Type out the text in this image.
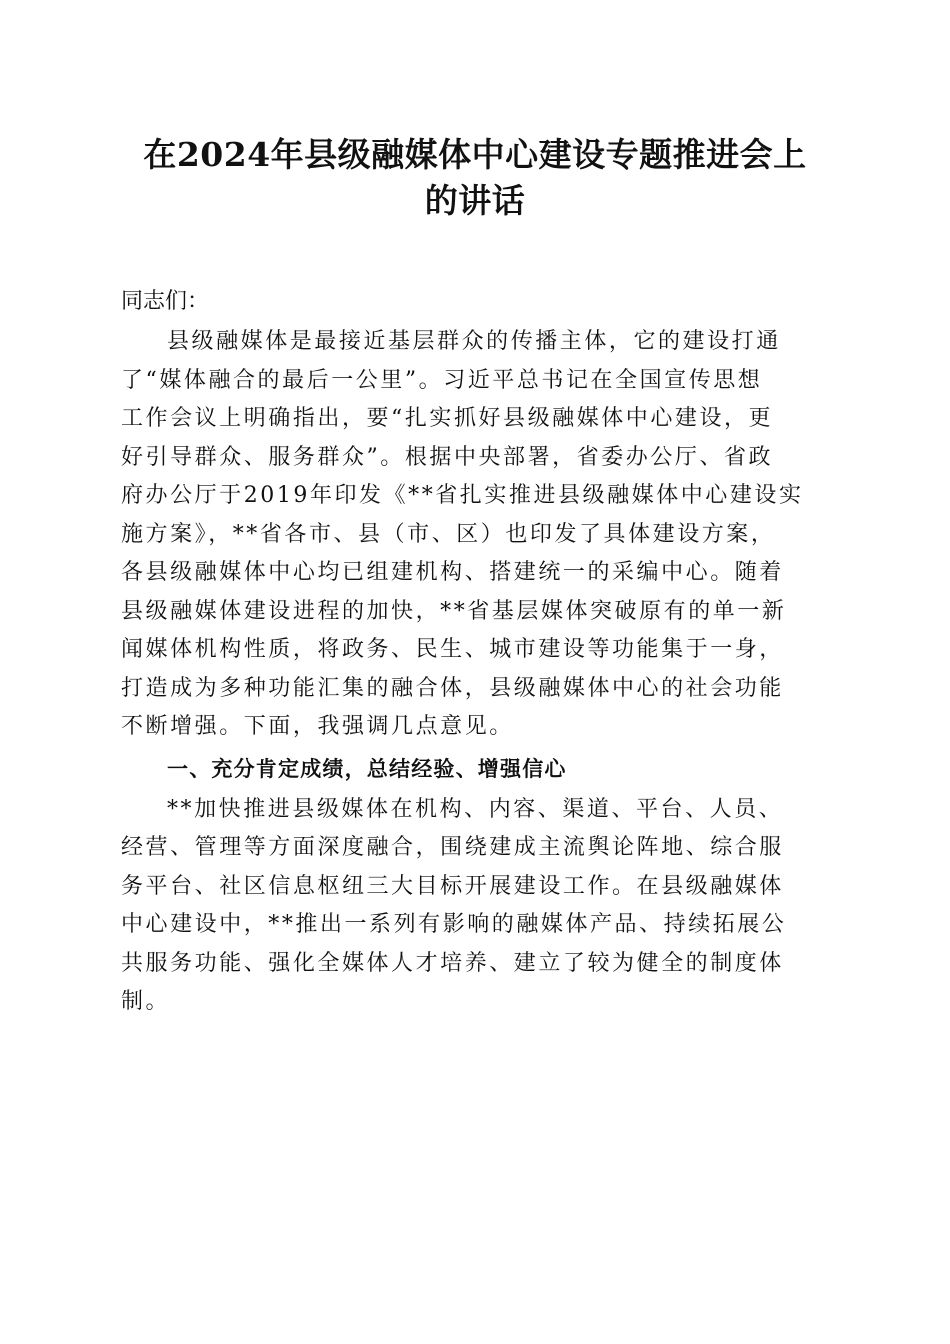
在2024年县级融媒体中心建设专题推进会上
的讲话
同志们：
县级融媒体是最接近基层群众的传播主体，它的建设打通
了“媒体融合的最后一公里”。习近平总书记在全国宣传思想
工作会议上明确指出，要“扎实抓好县级融媒体中心建设，更
好引导群众、服务群众”。根据中央部署，省委办公厅、省政
府办公厅于2019年印发《**省扎实推进县级融媒体中心建设实
施方案》，**省各市、县（市、区）也印发了具体建设方案，
各县级融媒体中心均已组建机构、搭建统一的采编中心。随着
县级融媒体建设进程的加快，**省基层媒体突破原有的单一新
闻媒体机构性质，将政务、民生、城市建设等功能集于一身，
打造成为多种功能汇集的融合体，县级融媒体中心的社会功能
不断增强。下面，我强调几点意见。
一、充分肯定成绩，总结经验、增强信心
**加快推进县级媒体在机构、内容、渠道、平台、人员、
经营、管理等方面深度融合，围绕建成主流舆论阵地、综合服
务平台、社区信息枢纽三大目标开展建设工作。在县级融媒体
中心建设中，**推出一系列有影响的融媒体产品、持续拓展公
共服务功能、强化全媒体人才培养、建立了较为健全的制度体
制。
